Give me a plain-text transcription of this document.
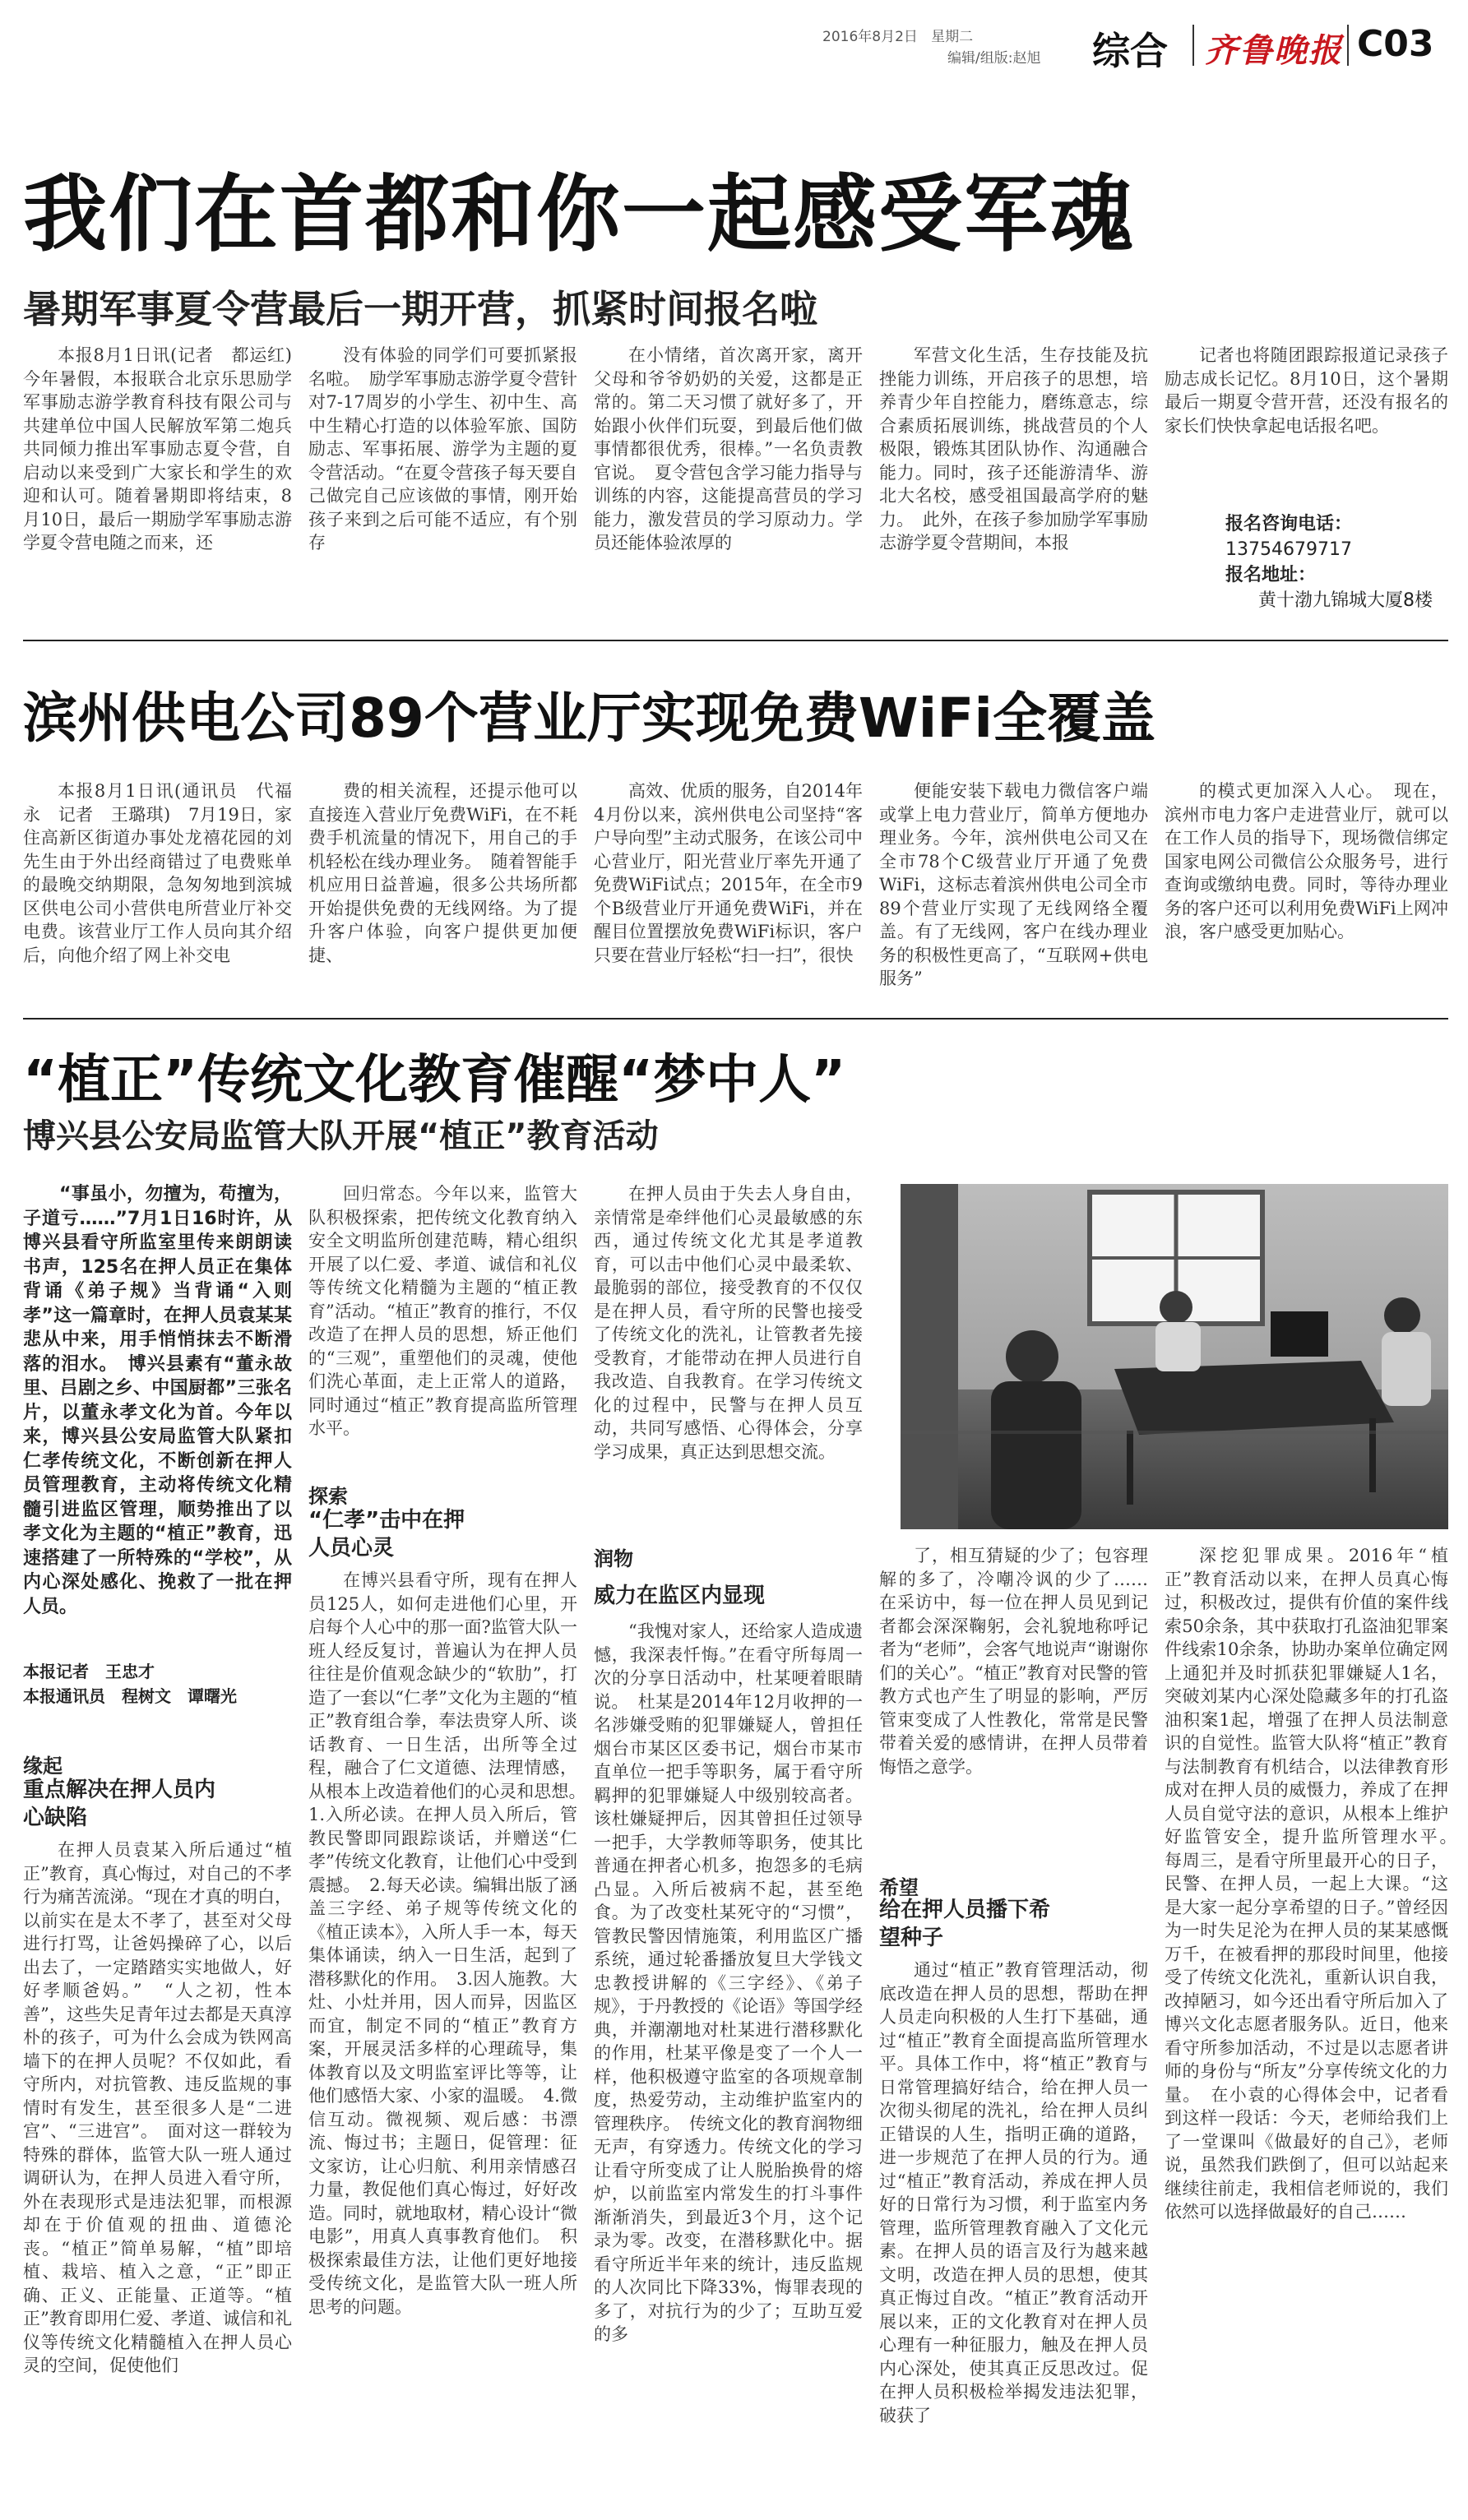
2016年8月2日 星期二
编辑/组版:赵旭 综合 齐鲁晚报 C03
我们在首都和你一起感受军魂
暑期军事夏令营最后一期开营，抓紧时间报名啦

本报8月1日讯(记者　都运红)　今年暑假，本报联合北京乐思励学军事励志游学教育科技有限公司与共建单位中国人民解放军第二炮兵共同倾力推出军事励志夏令营，自启动以来受到广大家长和学生的欢迎和认可。随着暑期即将结束，8月10日，最后一期励学军事励志游学夏令营电随之而来，还

没有体验的同学们可要抓紧报名啦。　励学军事励志游学夏令营针对7-17周岁的小学生、初中生、高中生精心打造的以体验军旅、国防励志、军事拓展、游学为主题的夏令营活动。“在夏令营孩子每天要自己做完自己应该做的事情，刚开始孩子来到之后可能不适应，有个别存

在小情绪，首次离开家，离开父母和爷爷奶奶的关爱，这都是正常的。第二天习惯了就好多了，开始跟小伙伴们玩耍，到最后他们做事情都很优秀，很棒。”一名负责教官说。　夏令营包含学习能力指导与训练的内容，这能提高营员的学习能力，激发营员的学习原动力。学员还能体验浓厚的

军营文化生活，生存技能及抗挫能力训练，开启孩子的思想，培养青少年自控能力，磨练意志，综合素质拓展训练，挑战营员的个人极限，锻炼其团队协作、沟通融合能力。同时，孩子还能游清华、游北大名校，感受祖国最高学府的魅力。　此外，在孩子参加励学军事励志游学夏令营期间，本报

记者也将随团跟踪报道记录孩子励志成长记忆。8月10日，这个暑期最后一期夏令营开营，还没有报名的家长们快快拿起电话报名吧。

报名咨询电话：
13754679717
报名地址：
黄十渤九锦城大厦8楼
滨州供电公司89个营业厅实现免费WiFi全覆盖

本报8月1日讯(通讯员　代福永　记者　王璐琪)　7月19日，家住高新区街道办事处龙禧花园的刘先生由于外出经商错过了电费账单的最晚交纳期限，急匆匆地到滨城区供电公司小营供电所营业厅补交电费。该营业厅工作人员向其介绍后，向他介绍了网上补交电

费的相关流程，还提示他可以直接连入营业厅免费WiFi，在不耗费手机流量的情况下，用自己的手机轻松在线办理业务。　随着智能手机应用日益普遍，很多公共场所都开始提供免费的无线网络。为了提升客户体验，向客户提供更加便捷、

高效、优质的服务，自2014年4月份以来，滨州供电公司坚持“客户导向型”主动式服务，在该公司中心营业厅，阳光营业厅率先开通了免费WiFi试点；2015年，在全市9个B级营业厅开通免费WiFi，并在醒目位置摆放免费WiFi标识，客户只要在营业厅轻松“扫一扫”，很快

便能安装下载电力微信客户端或掌上电力营业厅，简单方便地办理业务。今年，滨州供电公司又在全市78个C级营业厅开通了免费WiFi，这标志着滨州供电公司全市89个营业厅实现了无线网络全覆盖。有了无线网，客户在线办理业务的积极性更高了，“互联网+供电服务”

的模式更加深入人心。　现在，滨州市电力客户走进营业厅，就可以在工作人员的指导下，现场微信绑定国家电网公司微信公众服务号，进行查询或缴纳电费。同时，等待办理业务的客户还可以利用免费WiFi上网冲浪，客户感受更加贴心。

“植正”传统文化教育催醒“梦中人”
博兴县公安局监管大队开展“植正”教育活动

“事虽小，勿擅为，苟擅为，子道亏……”7月1日16时许，从博兴县看守所监室里传来朗朗读书声，125名在押人员正在集体背诵《弟子规》当背诵“入则孝”这一篇章时，在押人员袁某某悲从中来，用手悄悄抹去不断滑落的泪水。　博兴县素有“董永故里、吕剧之乡、中国厨都”三张名片，以董永孝文化为首。今年以来，博兴县公安局监管大队紧扣仁孝传统文化，不断创新在押人员管理教育，主动将传统文化精髓引进监区管理，顺势推出了以孝文化为主题的“植正”教育，迅速搭建了一所特殊的“学校”，从内心深处感化、挽救了一批在押人员。

本报记者　王忠才
本报通讯员　程树文　谭曙光
缘起
重点解决在押人员内心缺陷

在押人员袁某入所后通过“植正”教育，真心悔过，对自己的不孝行为痛苦流涕。“现在才真的明白，以前实在是太不孝了，甚至对父母进行打骂，让爸妈操碎了心，以后出去了，一定踏踏实实地做人，好好孝顺爸妈。”　“人之初，性本善”，这些失足青年过去都是天真淳朴的孩子，可为什么会成为铁网高墙下的在押人员呢？不仅如此，看守所内，对抗管教、违反监规的事情时有发生，甚至很多人是“二进宫”、“三进宫”。　面对这一群较为特殊的群体，监管大队一班人通过调研认为，在押人员进入看守所，外在表现形式是违法犯罪，而根源却在于价值观的扭曲、道德沦丧。“植正”简单易解，“植”即培植、栽培、植入之意，“正”即正确、正义、正能量、正道等。“植正”教育即用仁爱、孝道、诚信和礼仪等传统文化精髓植入在押人员心灵的空间，促使他们

回归常态。今年以来，监管大队积极探索，把传统文化教育纳入安全文明监所创建范畴，精心组织开展了以仁爱、孝道、诚信和礼仪等传统文化精髓为主题的“植正教育”活动。“植正”教育的推行，不仅改造了在押人员的思想，矫正他们的“三观”，重塑他们的灵魂，使他们洗心革面，走上正常人的道路，同时通过“植正”教育提高监所管理水平。

探索
“仁孝”击中在押人员心灵

在博兴县看守所，现有在押人员125人，如何走进他们心里，开启每个人心中的那一面?监管大队一班人经反复讨，普遍认为在押人员往往是价值观念缺少的“软肋”，打造了一套以“仁孝”文化为主题的“植正”教育组合拳，奉法贵穿人所、谈话教育、一日生活，出所等全过程，融合了仁文道德、法理情感，从根本上改造着他们的心灵和思想。　1.入所必读。在押人员入所后，管教民警即同跟踪谈话，并赠送“仁孝”传统文化教育，让他们心中受到震撼。　2.每天必读。编辑出版了涵盖三字经、弟子规等传统文化的《植正读本》，入所人手一本，每天集体诵读，纳入一日生活，起到了潜移默化的作用。　3.因人施教。大灶、小灶并用，因人而异，因监区而宜，制定不同的“植正”教育方案，开展灵活多样的心理疏导，集体教育以及文明监室评比等等，让他们感悟大家、小家的温暖。　4.微信互动。微视频、观后感：书漂流、悔过书；主题日，促管理：征文家访，让心归航、利用亲情感召力量，教促他们真心悔过，好好改造。同时，就地取材，精心设计“微电影”，用真人真事教育他们。　积极探索最佳方法，让他们更好地接受传统文化，是监管大队一班人所思考的问题。

在押人员由于失去人身自由，亲情常是牵绊他们心灵最敏感的东西，通过传统文化尤其是孝道教育，可以击中他们心灵中最柔软、最脆弱的部位，接受教育的不仅仅是在押人员，看守所的民警也接受了传统文化的洗礼，让管教者先接受教育，才能带动在押人员进行自我改造、自我教育。在学习传统文化的过程中，民警与在押人员互动，共同写感悟、心得体会，分享学习成果，真正达到思想交流。

润物
威力在监区内显现

“我愧对家人，还给家人造成遗憾，我深表忏悔。”在看守所每周一次的分享日活动中，杜某哽着眼睛说。　杜某是2014年12月收押的一名涉嫌受贿的犯罪嫌疑人，曾担任烟台市某区区委书记，烟台市某市直单位一把手等职务，属于看守所羁押的犯罪嫌疑人中级别较高者。该杜嫌疑押后，因其曾担任过领导一把手，大学教师等职务，使其比普通在押者心机多，抱怨多的毛病凸显。入所后被病不起，甚至绝食。为了改变杜某死守的“习惯”，管教民警因情施策，利用监区广播系统，通过轮番播放复旦大学钱文忠教授讲解的《三字经》、《弟子规》，于丹教授的《论语》等国学经典，并潮潮地对杜某进行潜移默化的作用，杜某平像是变了一个人一样，他积极遵守监室的各项规章制度，热爱劳动，主动维护监室内的管理秩序。　传统文化的教育润物细无声，有穿透力。传统文化的学习让看守所变成了让人脱胎换骨的熔炉，以前监室内常发生的打斗事件渐渐消失，到最近3个月，这个记录为零。改变，在潜移默化中。据看守所近半年来的统计，违反监规的人次同比下降33%，悔罪表现的多了，对抗行为的少了；互助互爱的多

了，相互猜疑的少了；包容理解的多了，冷嘲冷讽的少了……　在采访中，每一位在押人员见到记者都会深深鞠躬，会礼貌地称呼记者为“老师”，会客气地说声“谢谢你们的关心”。“植正”教育对民警的管教方式也产生了明显的影响，严厉管束变成了人性教化，常常是民警带着关爱的感情讲，在押人员带着悔悟之意学。

希望
给在押人员播下希望种子

通过“植正”教育管理活动，彻底改造在押人员的思想，帮助在押人员走向积极的人生打下基础，通过“植正”教育全面提高监所管理水平。具体工作中，将“植正”教育与日常管理搞好结合，给在押人员一次彻头彻尾的洗礼，给在押人员纠正错误的人生，指明正确的道路，进一步规范了在押人员的行为。通过“植正”教育活动，养成在押人员好的日常行为习惯，利于监室内务管理，监所管理教育融入了文化元素。在押人员的语言及行为越来越文明，改造在押人员的思想，使其真正悔过自改。“植正”教育活动开展以来，正的文化教育对在押人员心理有一种征服力，触及在押人员内心深处，使其真正反思改过。促在押人员积极检举揭发违法犯罪，破获了

深挖犯罪成果。2016年“植正”教育活动以来，在押人员真心悔过，积极改过，提供有价值的案件线索50余条，其中获取打孔盗油犯罪案件线索10余条，协助办案单位确定网上通犯并及时抓获犯罪嫌疑人1名，突破刘某内心深处隐藏多年的打孔盗油积案1起，增强了在押人员法制意识的自觉性。监管大队将“植正”教育与法制教育有机结合，以法律教育形成对在押人员的威慑力，养成了在押人员自觉守法的意识，从根本上维护好监管安全，提升监所管理水平。　每周三，是看守所里最开心的日子，民警、在押人员，一起上大课。“这是大家一起分享希望的日子。”曾经因为一时失足沦为在押人员的某某感慨万千，在被看押的那段时间里，他接受了传统文化洗礼，重新认识自我，改掉陋习，如今还出看守所后加入了博兴文化志愿者服务队。近日，他来看守所参加活动，不过是以志愿者讲师的身份与“所友”分享传统文化的力量。　在小袁的心得体会中，记者看到这样一段话：今天，老师给我们上了一堂课叫《做最好的自己》，老师说，虽然我们跌倒了，但可以站起来继续往前走，我相信老师说的，我们依然可以选择做最好的自己……
